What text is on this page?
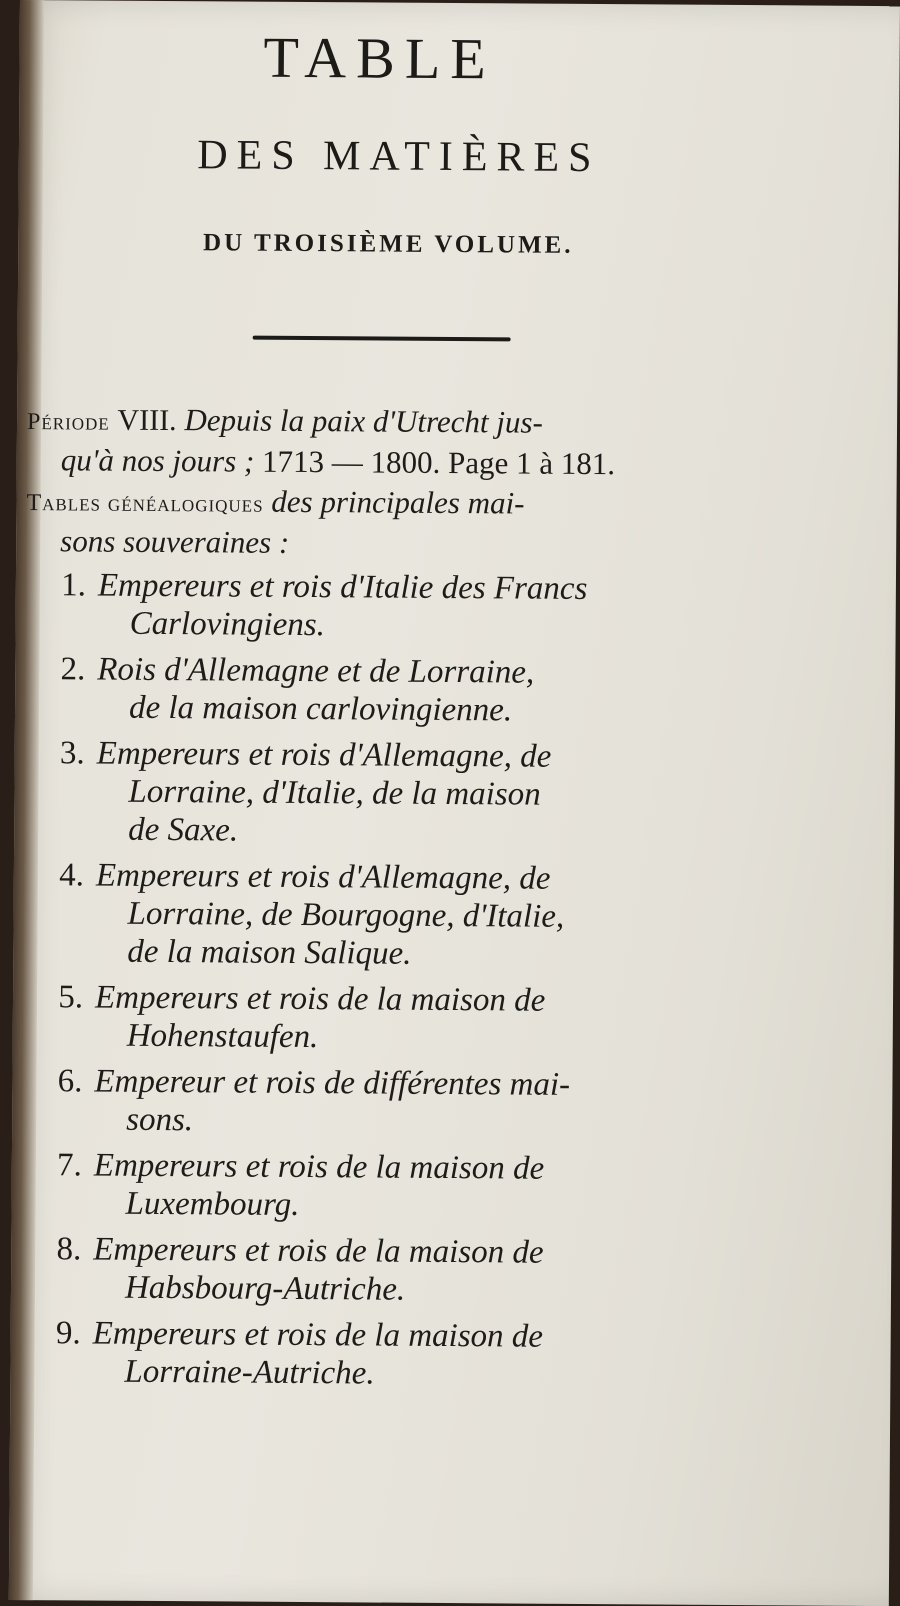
TABLE
DES MATIÈRES
DU TROISIÈME VOLUME.

Période VIII. Depuis la paix d'Utrecht jus-
qu'à nos jours ; 1713 — 1800. Page 1 à 181.

Tables généalogiques des principales mai-
sons souveraines :

1. Empereurs et rois d'Italie des Francs
Carlovingiens.
2. Rois d'Allemagne et de Lorraine,
de la maison carlovingienne.
3. Empereurs et rois d'Allemagne, de
Lorraine, d'Italie, de la maison
de Saxe.
4. Empereurs et rois d'Allemagne, de
Lorraine, de Bourgogne, d'Italie,
de la maison Salique.
5. Empereurs et rois de la maison de
Hohenstaufen.
6. Empereur et rois de différentes mai-
sons.
7. Empereurs et rois de la maison de
Luxembourg.
8. Empereurs et rois de la maison de
Habsbourg-Autriche.
9. Empereurs et rois de la maison de
Lorraine-Autriche.
